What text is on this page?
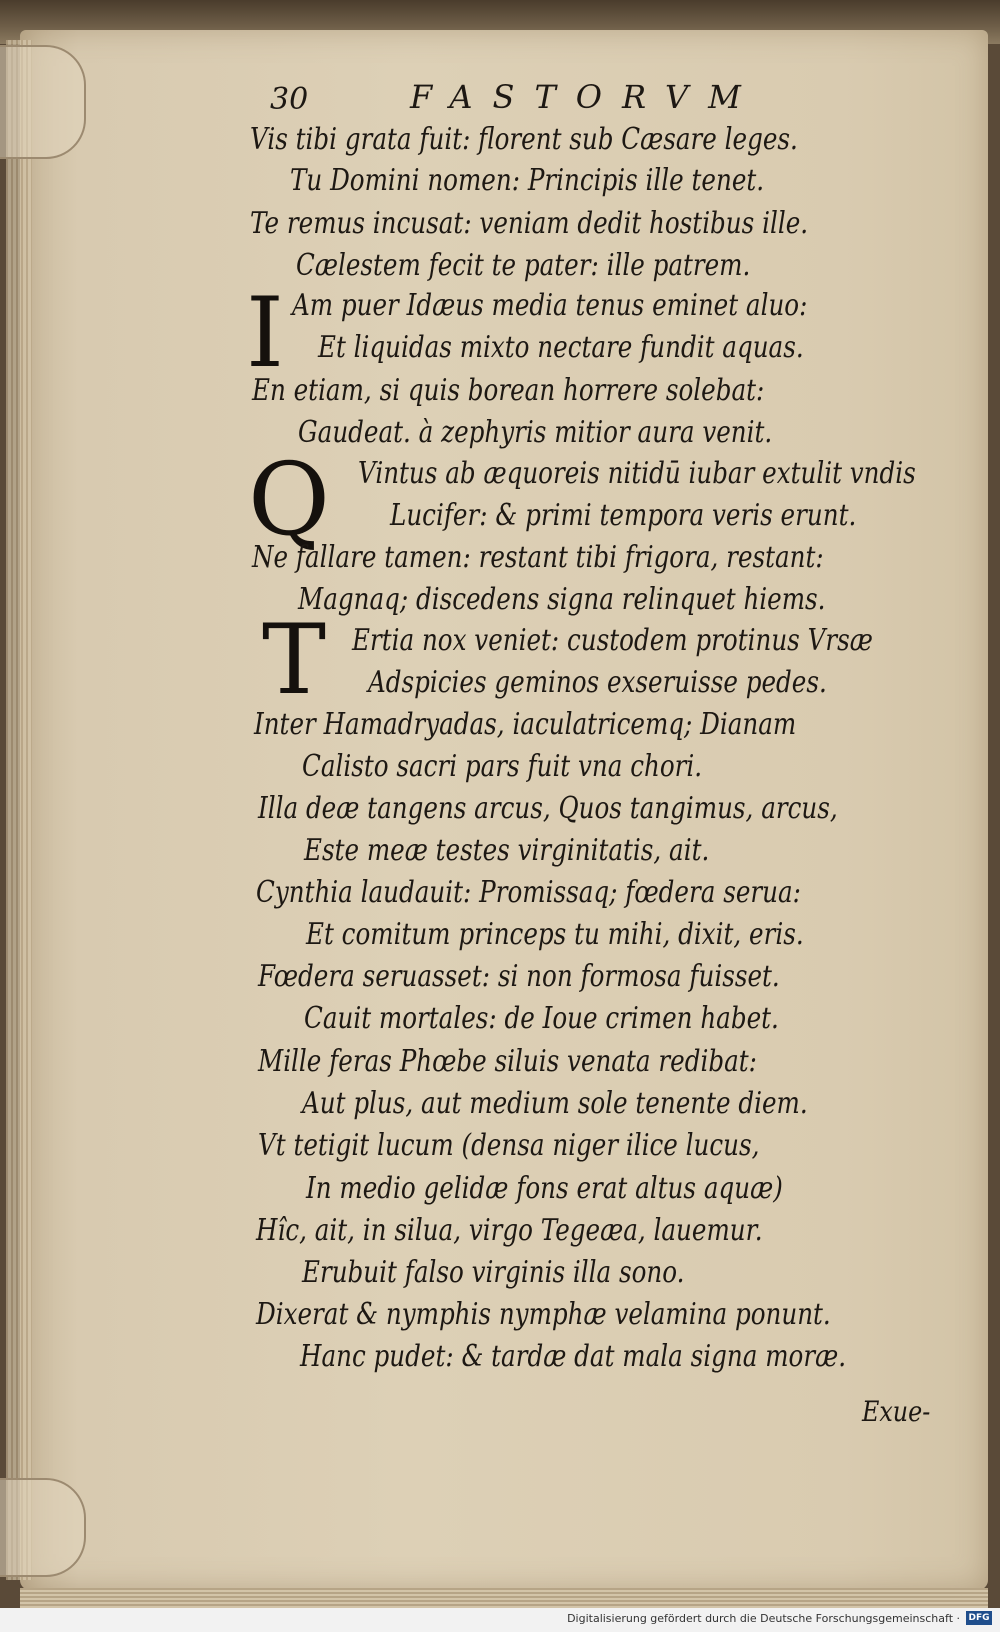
30	FASTORVM
Vis tibi grata fuit: florent sub Cæsare leges.
Tu Domini nomen: Principis ille tenet.
Te remus incusat: veniam dedit hostibus ille.
Cælestem fecit te pater: ille patrem.
I Am puer Idæus media tenus eminet aluo:
Et liquidas mixto nectare fundit aquas.
En etiam, si quis borean horrere solebat:
Gaudeat. à zephyris mitior aura venit.
Q Vintus ab æquoreis nitidū iubar extulit vndis
Lucifer: & primi tempora veris erunt.
Ne fallare tamen: restant tibi frigora, restant:
Magnaq; discedens signa relinquet hiems.
T Ertia nox veniet: custodem protinus Vrsæ
Adspicies geminos exseruisse pedes.
Inter Hamadryadas, iaculatricemq; Dianam
Calisto sacri pars fuit vna chori.
Illa deæ tangens arcus, Quos tangimus, arcus,
Este meæ testes virginitatis, ait.
Cynthia laudauit: Promissaq; fœdera serua:
Et comitum princeps tu mihi, dixit, eris.
Fœdera seruasset: si non formosa fuisset.
Cauit mortales: de Ioue crimen habet.
Mille feras Phœbe siluis venata redibat:
Aut plus, aut medium sole tenente diem.
Vt tetigit lucum (densa niger ilice lucus,
In medio gelidæ fons erat altus aquæ)
Hîc, ait, in silua, virgo Tegeæa, lauemur.
Erubuit falso virginis illa sono.
Dixerat & nymphis nymphæ velamina ponunt.
Hanc pudet: & tardæ dat mala signa moræ.
Exue-
Digitalisierung gefördert durch die Deutsche Forschungsgemeinschaft · DFG
